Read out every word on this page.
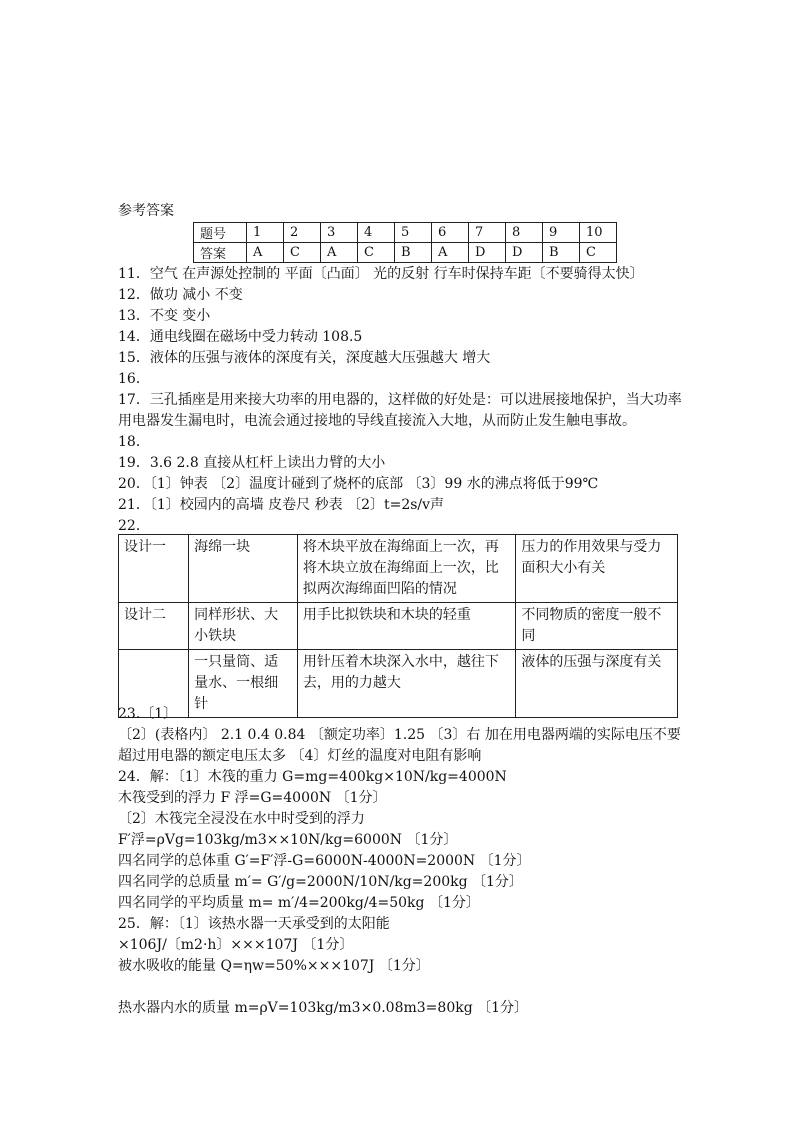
参考答案
题号	1	2	3	4	5	6	7	8	9	10
答案	A	C	A	C	B	A	D	D	B	C
11．空气 在声源处控制的 平面〔凸面〕 光的反射 行车时保持车距〔不要骑得太快〕
12．做功 减小 不变
13．不变 变小
14．通电线圈在磁场中受力转动 108.5
15．液体的压强与液体的深度有关，深度越大压强越大 增大
16．
17．三孔插座是用来接大功率的用电器的，这样做的好处是：可以进展接地保护，当大功率用电器发生漏电时，电流会通过接地的导线直接流入大地，从而防止发生触电事故。
18．
19．3.6 2.8 直接从杠杆上读出力臂的大小
20．〔1〕钟表 〔2〕温度计碰到了烧杯的底部 〔3〕99 水的沸点将低于99℃
21．〔1〕校园内的高墙 皮卷尺 秒表 〔2〕t=2s/v声
22．
设计一	海绵一块	将木块平放在海绵面上一次，再将木块立放在海绵面上一次，比拟两次海绵面凹陷的情况	压力的作用效果与受力面积大小有关
设计二	同样形状、大小铁块	用手比拟铁块和木块的轻重	不同物质的密度一般不同
	一只量筒、适量水、一根细针	用针压着木块深入水中，越往下去，用的力越大	液体的压强与深度有关
23.〔1〕
〔2〕(表格内〕 2.1 0.4 0.84 〔额定功率〕1.25 〔3〕右 加在用电器两端的实际电压不要超过用电器的额定电压太多 〔4〕灯丝的温度对电阻有影响
24．解：〔1〕木筏的重力 G=mg=400kg×10N/kg=4000N
木筏受到的浮力 F 浮=G=4000N 〔1分〕
〔2〕木筏完全浸没在水中时受到的浮力
F′浮=ρVg=103kg/m3××10N/kg=6000N 〔1分〕
四名同学的总体重 G′=F′浮-G=6000N-4000N=2000N 〔1分〕
四名同学的总质量 m′= G′/g=2000N/10N/kg=200kg 〔1分〕
四名同学的平均质量 m= m′/4=200kg/4=50kg 〔1分〕
25．解：〔1〕该热水器一天承受到的太阳能
×106J/〔m2·h〕×××107J 〔1分〕
被水吸收的能量 Q=ηw=50%×××107J 〔1分〕
热水器内水的质量 m=ρV=103kg/m3×0.08m3=80kg 〔1分〕
